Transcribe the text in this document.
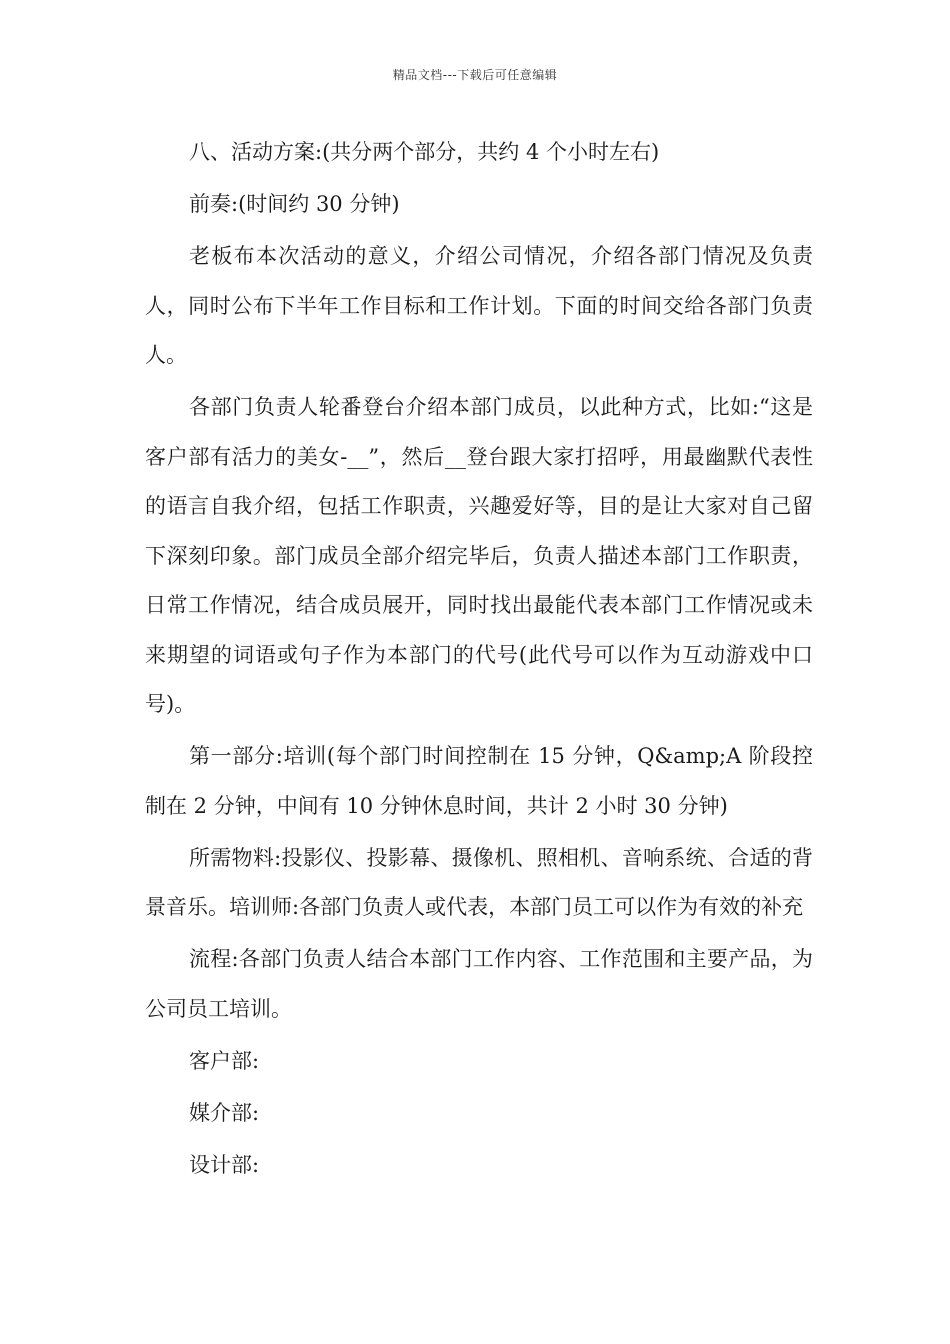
精品文档---下载后可任意编辑

八、活动方案:(共分两个部分，共约 4 个小时左右)

前奏:(时间约 30 分钟)

老板布本次活动的意义，介绍公司情况，介绍各部门情况及负责人，同时公布下半年工作目标和工作计划。下面的时间交给各部门负责人。

各部门负责人轮番登台介绍本部门成员，以此种方式，比如:“这是客户部有活力的美女-__”，然后__登台跟大家打招呼，用最幽默代表性的语言自我介绍，包括工作职责，兴趣爱好等，目的是让大家对自己留下深刻印象。部门成员全部介绍完毕后，负责人描述本部门工作职责，日常工作情况，结合成员展开，同时找出最能代表本部门工作情况或未来期望的词语或句子作为本部门的代号(此代号可以作为互动游戏中口号)。

第一部分:培训(每个部门时间控制在 15 分钟，Q&amp;A 阶段控制在 2 分钟，中间有 10 分钟休息时间，共计 2 小时 30 分钟)

所需物料:投影仪、投影幕、摄像机、照相机、音响系统、合适的背景音乐。培训师:各部门负责人或代表，本部门员工可以作为有效的补充

流程:各部门负责人结合本部门工作内容、工作范围和主要产品，为公司员工培训。

客户部:

媒介部:

设计部:
